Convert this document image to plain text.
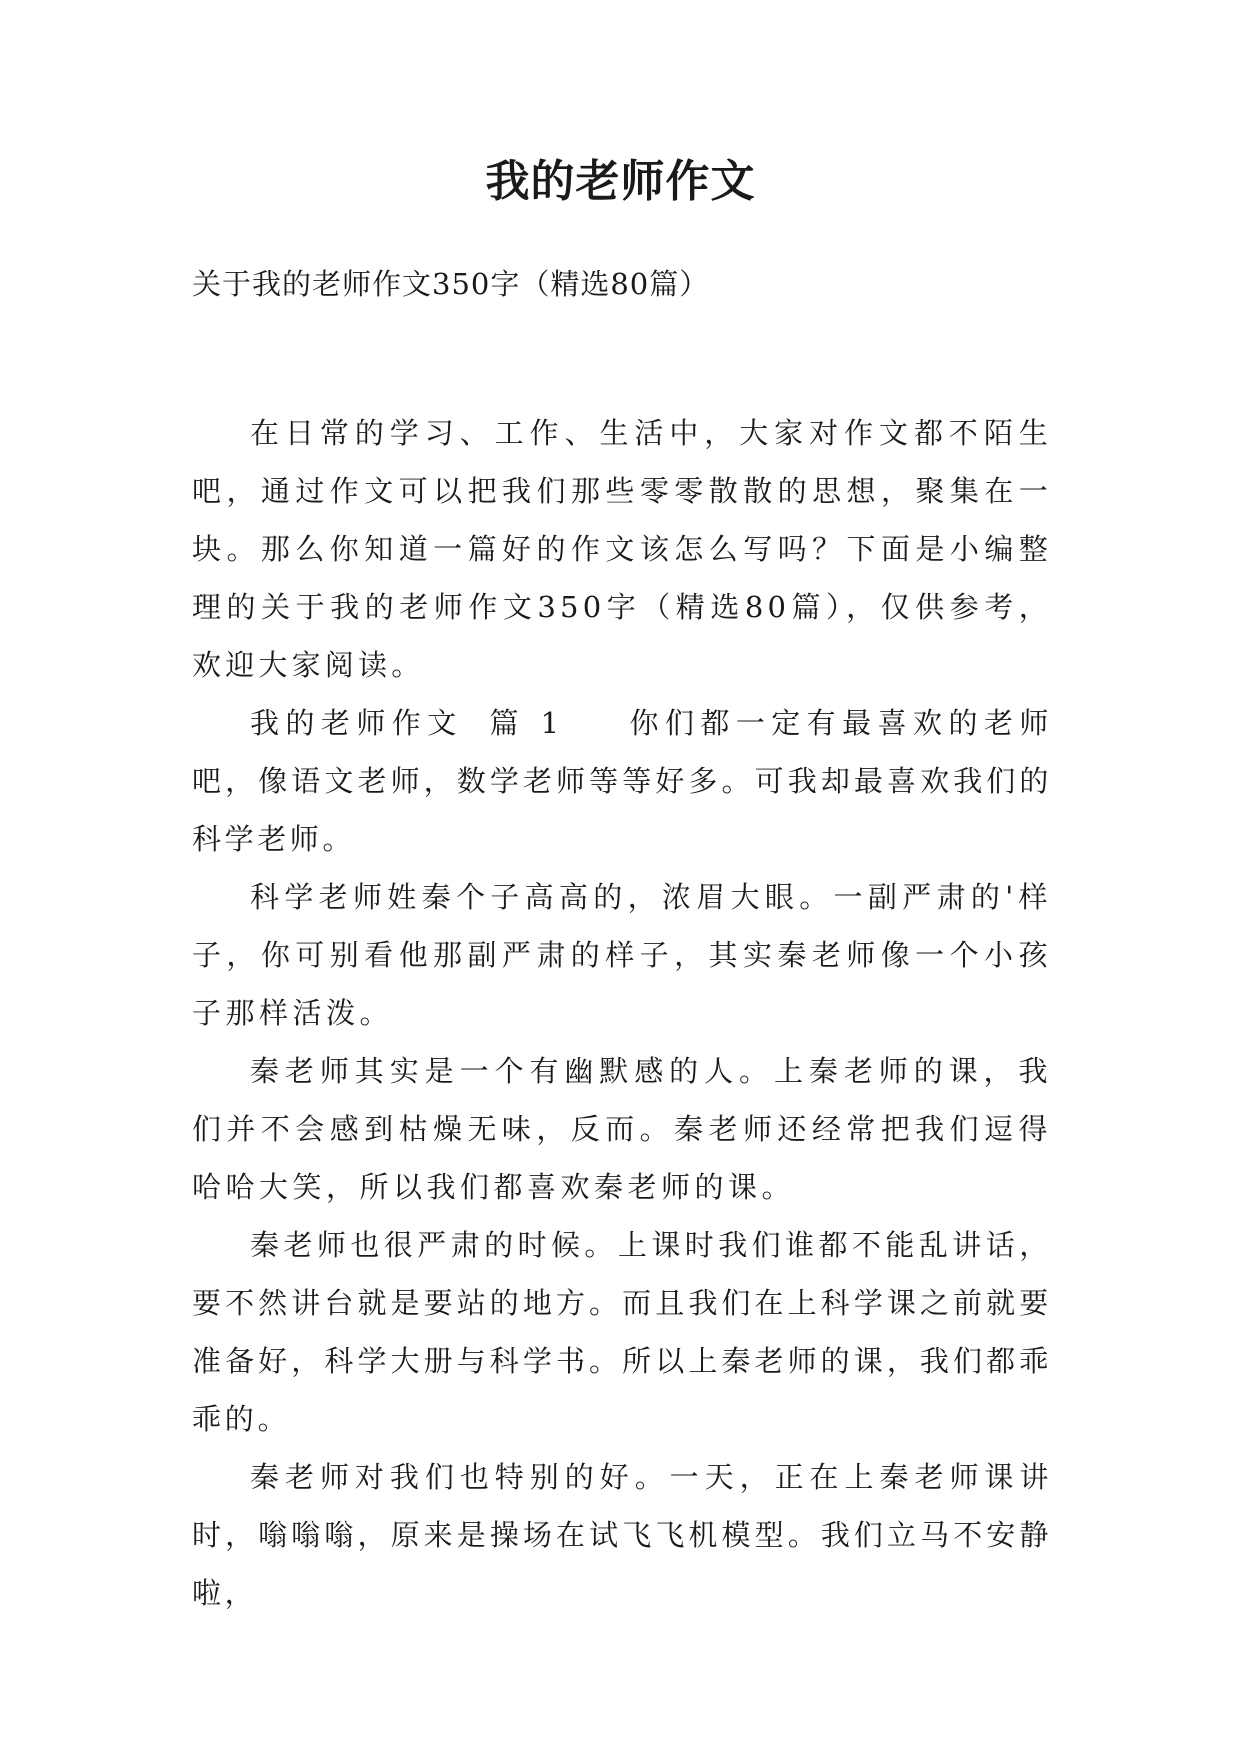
我的老师作文
关于我的老师作文350字（精选80篇）

在日常的学习、工作、生活中，大家对作文都不陌生吧，通过作文可以把我们那些零零散散的思想，聚集在一块。那么你知道一篇好的作文该怎么写吗？下面是小编整理的关于我的老师作文350字（精选80篇），仅供参考，欢迎大家阅读。

我的老师作文 篇 1 你们都一定有最喜欢的老师吧，像语文老师，数学老师等等好多。可我却最喜欢我们的科学老师。

科学老师姓秦个子高高的，浓眉大眼。一副严肃的'样子，你可别看他那副严肃的样子，其实秦老师像一个小孩子那样活泼。

秦老师其实是一个有幽默感的人。上秦老师的课，我们并不会感到枯燥无味，反而。秦老师还经常把我们逗得哈哈大笑，所以我们都喜欢秦老师的课。

秦老师也很严肃的时候。上课时我们谁都不能乱讲话，要不然讲台就是要站的地方。而且我们在上科学课之前就要准备好，科学大册与科学书。所以上秦老师的课，我们都乖乖的。

秦老师对我们也特别的好。一天，正在上秦老师课讲时，嗡嗡嗡，原来是操场在试飞飞机模型。我们立马不安静啦，
